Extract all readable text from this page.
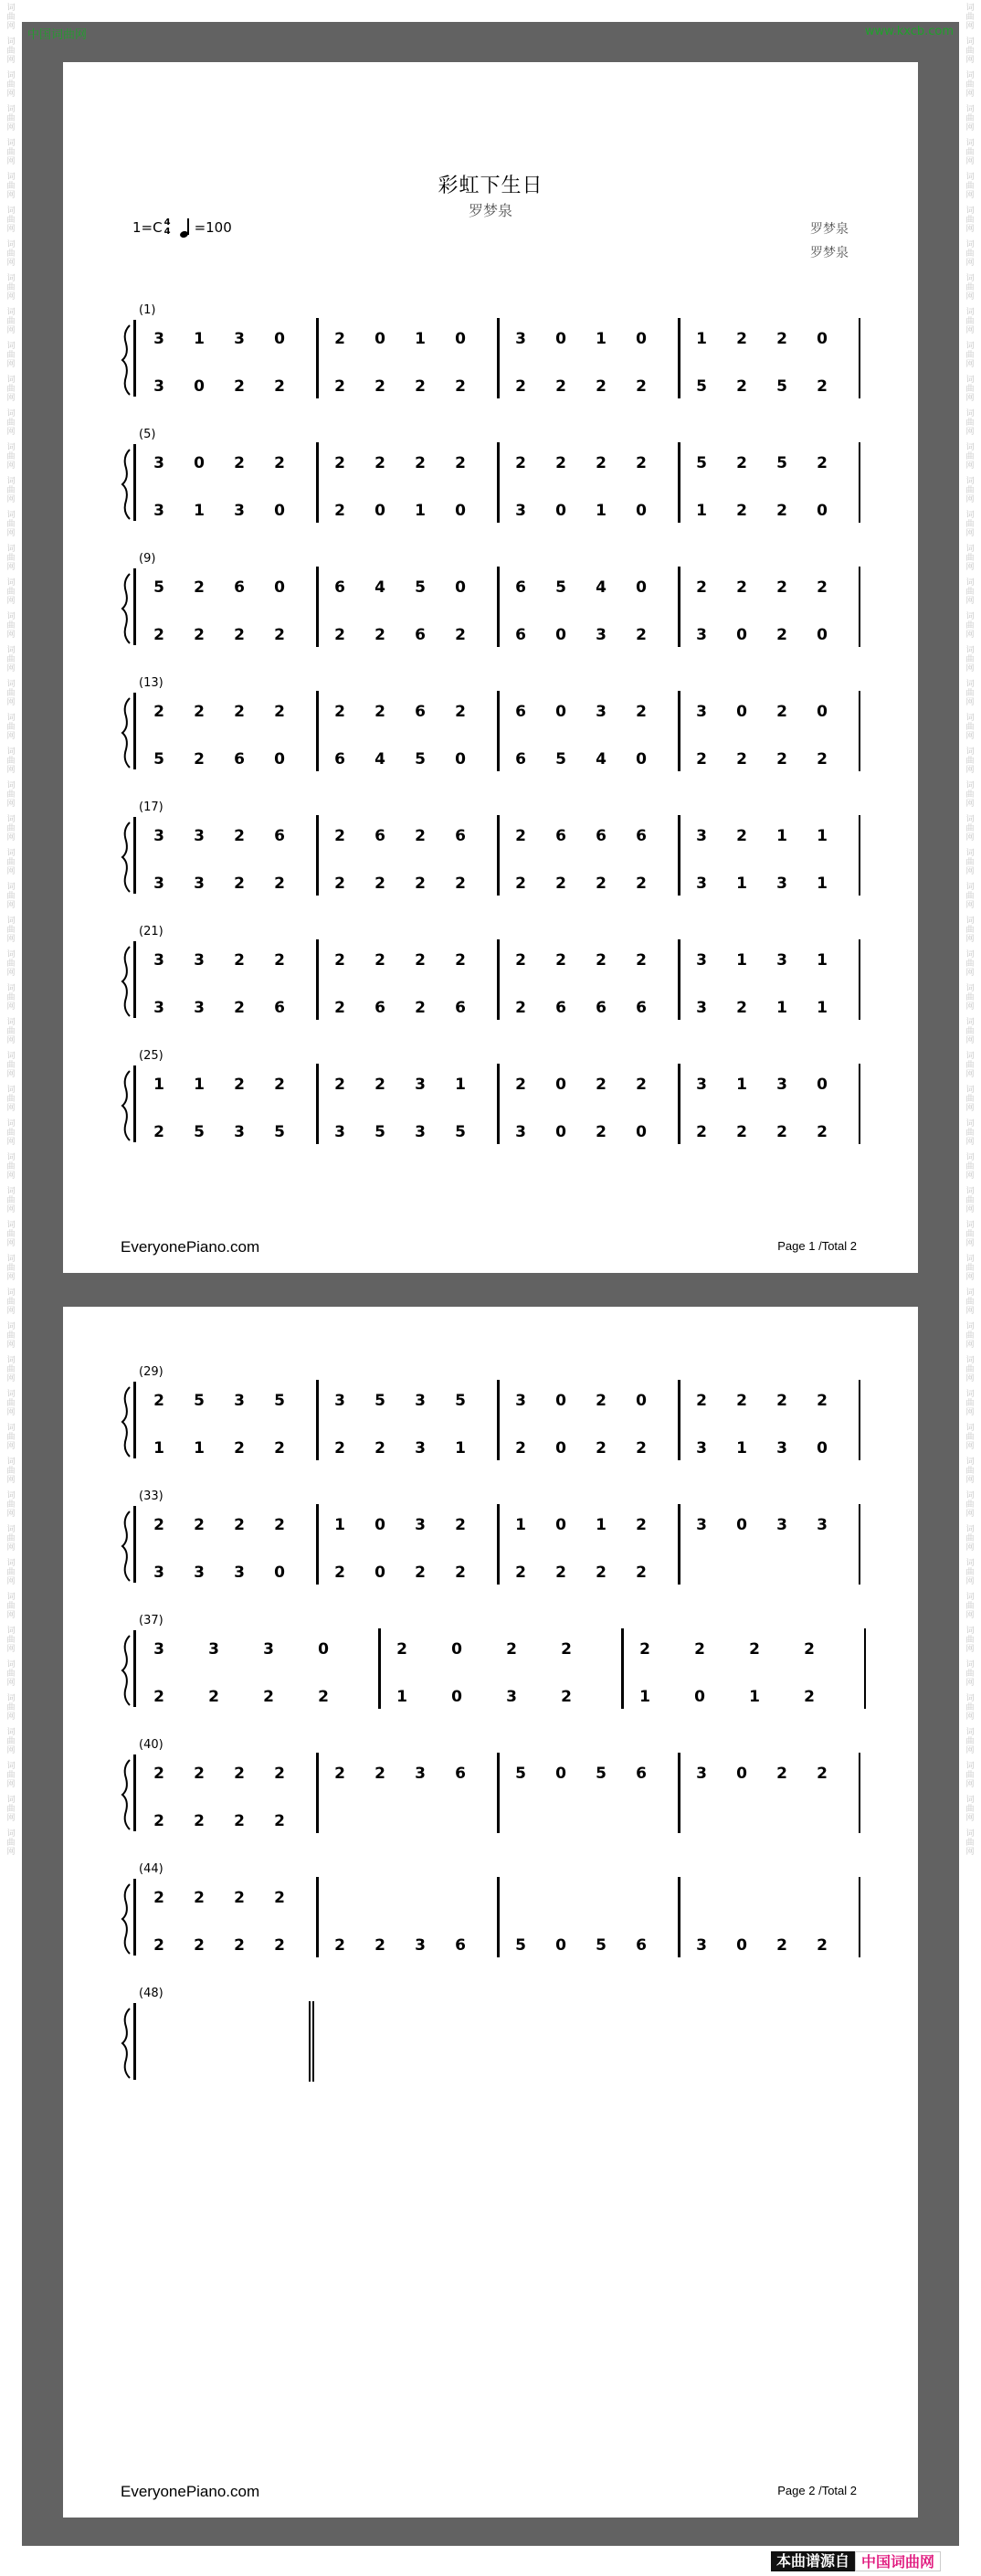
词曲网
词曲网
词曲网
词曲网
词曲网
词曲网
词曲网
词曲网
词曲网
词曲网
词曲网
词曲网
词曲网
词曲网
词曲网
词曲网
词曲网
词曲网
词曲网
词曲网
词曲网
词曲网
词曲网
词曲网
词曲网
词曲网
词曲网
词曲网
词曲网
词曲网
词曲网
词曲网
词曲网
词曲网
词曲网
词曲网
词曲网
词曲网
词曲网
词曲网
词曲网
词曲网
词曲网
词曲网
词曲网
词曲网
词曲网
词曲网
词曲网
词曲网
词曲网
词曲网
词曲网
词曲网
词曲网
词曲网
词曲网
词曲网
词曲网
词曲网
词曲网
词曲网
词曲网
词曲网
词曲网
词曲网
词曲网
词曲网
词曲网
词曲网
词曲网
词曲网
词曲网
词曲网
词曲网
词曲网
词曲网
词曲网
词曲网
词曲网
词曲网
词曲网
词曲网
词曲网
词曲网
词曲网
词曲网
词曲网
词曲网
词曲网
词曲网
词曲网
词曲网
词曲网
词曲网
词曲网
词曲网
词曲网
词曲网
词曲网
词曲网
词曲网
词曲网
词曲网
词曲网
词曲网
词曲网
词曲网
词曲网
词曲网
中国词曲网	www.kxcb.com
彩虹下生日
罗梦泉
罗梦泉
罗梦泉
1=C 4
4 =100
EveryonePiano.com	Page 1 /Total 2
(1)
3 1 3 0	2 0 1 0	3 0 1 0	1 2 2 0
3 0 2 2	2 2 2 2	2 2 2 2	5 2 5 2
(5)
3 0 2 2	2 2 2 2	2 2 2 2	5 2 5 2
3 1 3 0	2 0 1 0	3 0 1 0	1 2 2 0
(9)
5 2 6 0	6 4 5 0	6 5 4 0	2 2 2 2
2 2 2 2	2 2 6 2	6 0 3 2	3 0 2 0
(13)
2 2 2 2	2 2 6 2	6 0 3 2	3 0 2 0
5 2 6 0	6 4 5 0	6 5 4 0	2 2 2 2
(17)
3 3 2 6	2 6 2 6	2 6 6 6	3 2 1 1
3 3 2 2	2 2 2 2	2 2 2 2	3 1 3 1
(21)
3 3 2 2	2 2 2 2	2 2 2 2	3 1 3 1
3 3 2 6	2 6 2 6	2 6 6 6	3 2 1 1
(25)
1 1 2 2	2 2 3 1	2 0 2 2	3 1 3 0
2 5 3 5	3 5 3 5	3 0 2 0	2 2 2 2
EveryonePiano.com	Page 2 /Total 2
(29)
2 5 3 5	3 5 3 5	3 0 2 0	2 2 2 2
1 1 2 2	2 2 3 1	2 0 2 2	3 1 3 0
(33)
2 2 2 2	1 0 3 2	1 0 1 2	3 0 3 3
3 3 3 0	2 0 2 2	2 2 2 2
(37)
3	3	3	0	2	0	2	2	2	2	2	2
2	2	2	2	1	0	3	2	1	0	1	2
(40)
2 2 2 2	2 2 3 6	5 0 5 6	3 0 2 2
2 2 2 2
(44)
2 2 2 2
2 2 2 2	2 2 3 6	5 0 5 6	3 0 2 2
(48)
本曲谱源自 中国词曲网
